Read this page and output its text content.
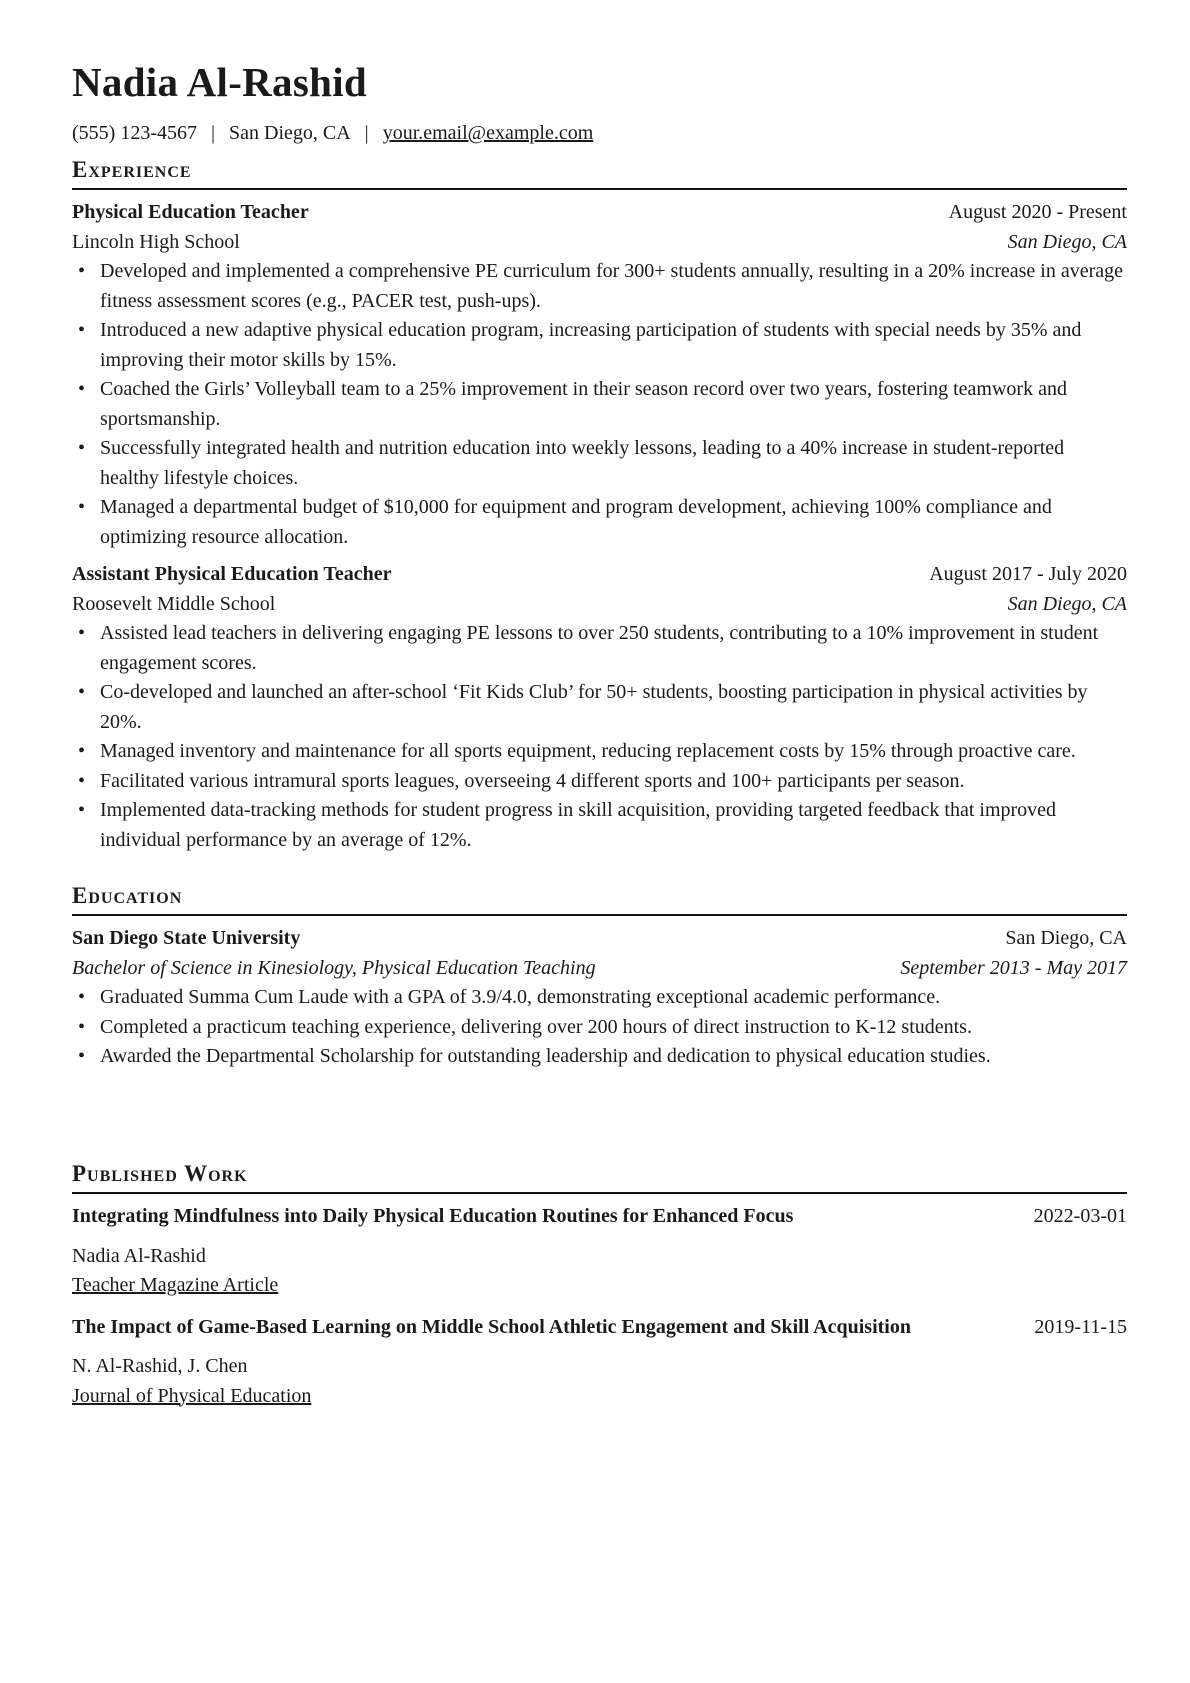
Nadia Al-Rashid
(555) 123-4567 | San Diego, CA | your.email@example.com
Experience
Physical Education Teacher	August 2020 - Present
Lincoln High School	San Diego, CA
• Developed and implemented a comprehensive PE curriculum for 300+ students annually, resulting in a 20% increase in average fitness assessment scores (e.g., PACER test, push-ups).
• Introduced a new adaptive physical education program, increasing participation of students with special needs by 35% and improving their motor skills by 15%.
• Coached the Girls’ Volleyball team to a 25% improvement in their season record over two years, fostering teamwork and sportsmanship.
• Successfully integrated health and nutrition education into weekly lessons, leading to a 40% increase in student-reported healthy lifestyle choices.
• Managed a departmental budget of $10,000 for equipment and program development, achieving 100% compliance and optimizing resource allocation.
Assistant Physical Education Teacher	August 2017 - July 2020
Roosevelt Middle School	San Diego, CA
• Assisted lead teachers in delivering engaging PE lessons to over 250 students, contributing to a 10% improvement in student engagement scores.
• Co-developed and launched an after-school ‘Fit Kids Club’ for 50+ students, boosting participation in physical activities by 20%.
• Managed inventory and maintenance for all sports equipment, reducing replacement costs by 15% through proactive care.
• Facilitated various intramural sports leagues, overseeing 4 different sports and 100+ participants per season.
• Implemented data-tracking methods for student progress in skill acquisition, providing targeted feedback that improved individual performance by an average of 12%.
Education
San Diego State University	San Diego, CA
Bachelor of Science in Kinesiology, Physical Education Teaching	September 2013 - May 2017
• Graduated Summa Cum Laude with a GPA of 3.9/4.0, demonstrating exceptional academic performance.
• Completed a practicum teaching experience, delivering over 200 hours of direct instruction to K-12 students.
• Awarded the Departmental Scholarship for outstanding leadership and dedication to physical education studies.
Published Work
Integrating Mindfulness into Daily Physical Education Routines for Enhanced Focus	2022-03-01
Nadia Al-Rashid
Teacher Magazine Article
The Impact of Game-Based Learning on Middle School Athletic Engagement and Skill Acquisition	2019-11-15
N. Al-Rashid, J. Chen
Journal of Physical Education
